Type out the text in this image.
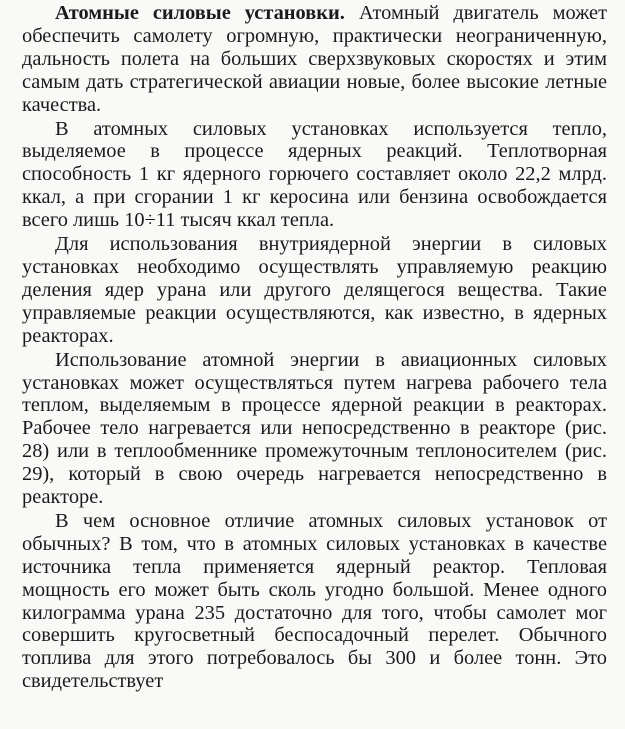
Атомные силовые установки. Атомный двигатель может обеспечить самолету огромную, практически неограниченную, дальность полета на больших сверхзвуковых скоростях и этим самым дать стратегической авиации новые, более высокие летные качества.

В атомных силовых установках используется тепло, выделяемое в процессе ядерных реакций. Теплотворная способность 1 кг ядерного горючего составляет около 22,2 млрд. ккал, а при сгорании 1 кг керосина или бензина освобождается всего лишь 10÷11 тысяч ккал тепла.

Для использования внутриядерной энергии в силовых установках необходимо осуществлять управляемую реакцию деления ядер урана или другого делящегося вещества. Такие управляемые реакции осуществляются, как известно, в ядерных реакторах.

Использование атомной энергии в авиационных силовых установках может осуществляться путем нагрева рабочего тела теплом, выделяемым в процессе ядерной реакции в реакторах. Рабочее тело нагревается или непосредственно в реакторе (рис. 28) или в теплообменнике промежуточным теплоносителем (рис. 29), который в свою очередь нагревается непосредственно в реакторе.

В чем основное отличие атомных силовых установок от обычных? В том, что в атомных силовых установках в качестве источника тепла применяется ядерный реактор. Тепловая мощность его может быть сколь угодно большой. Менее одного килограмма урана 235 достаточно для того, чтобы самолет мог совершить кругосветный беспосадочный перелет. Обычного топлива для этого потребовалось бы 300 и более тонн. Это свидетельствует
